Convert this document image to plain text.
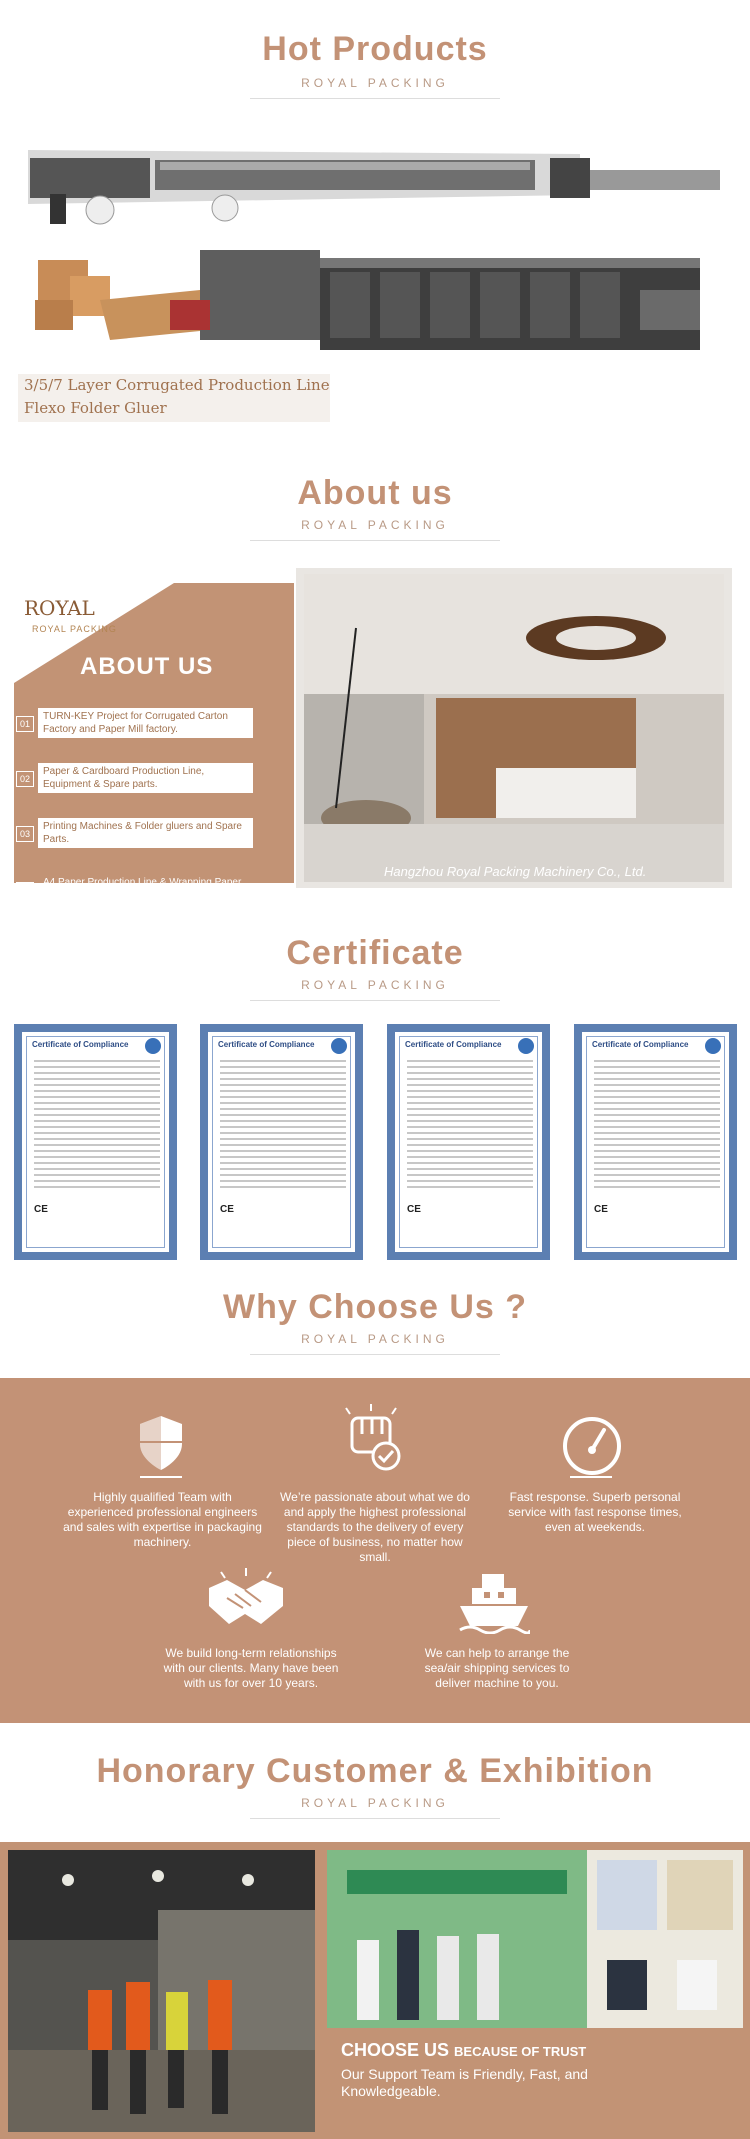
Hot Products
ROYAL PACKING
3/5/7 Layer Corrugated Production Line
Flexo Folder Gluer
About us
ROYAL PACKING
ROYAL
ROYAL PACKING
ABOUT US
01
TURN-KEY Project for Corrugated Carton Factory and Paper Mill factory.
02
Paper & Cardboard Production Line, Equipment & Spare parts.
03
Printing Machines & Folder gluers and Spare Parts.
04
A4 Paper Production Line & Wrapping Paper Roll.
Hangzhou Royal Packing Machinery Co., Ltd.
Certificate
ROYAL PACKING
Certificate of Compliance
CE
Certificate of Compliance
CE
Certificate of Compliance
CE
Certificate of Compliance
CE
Why Choose Us ?
ROYAL PACKING
Highly qualified Team with experienced professional engineers and sales with expertise in packaging machinery.
We’re passionate about what we do and apply the highest professional standards to the delivery of every piece of business, no matter how small.
Fast response. Superb personal service with fast response times, even at weekends.
We build long-term relationships with our clients. Many have been with us for over 10 years.
We can help to arrange the sea/air shipping services to deliver machine to you.
Honorary Customer & Exhibition
ROYAL PACKING
CHOOSE US BECAUSE OF TRUST
Our Support Team is Friendly, Fast, and Knowledgeable.
